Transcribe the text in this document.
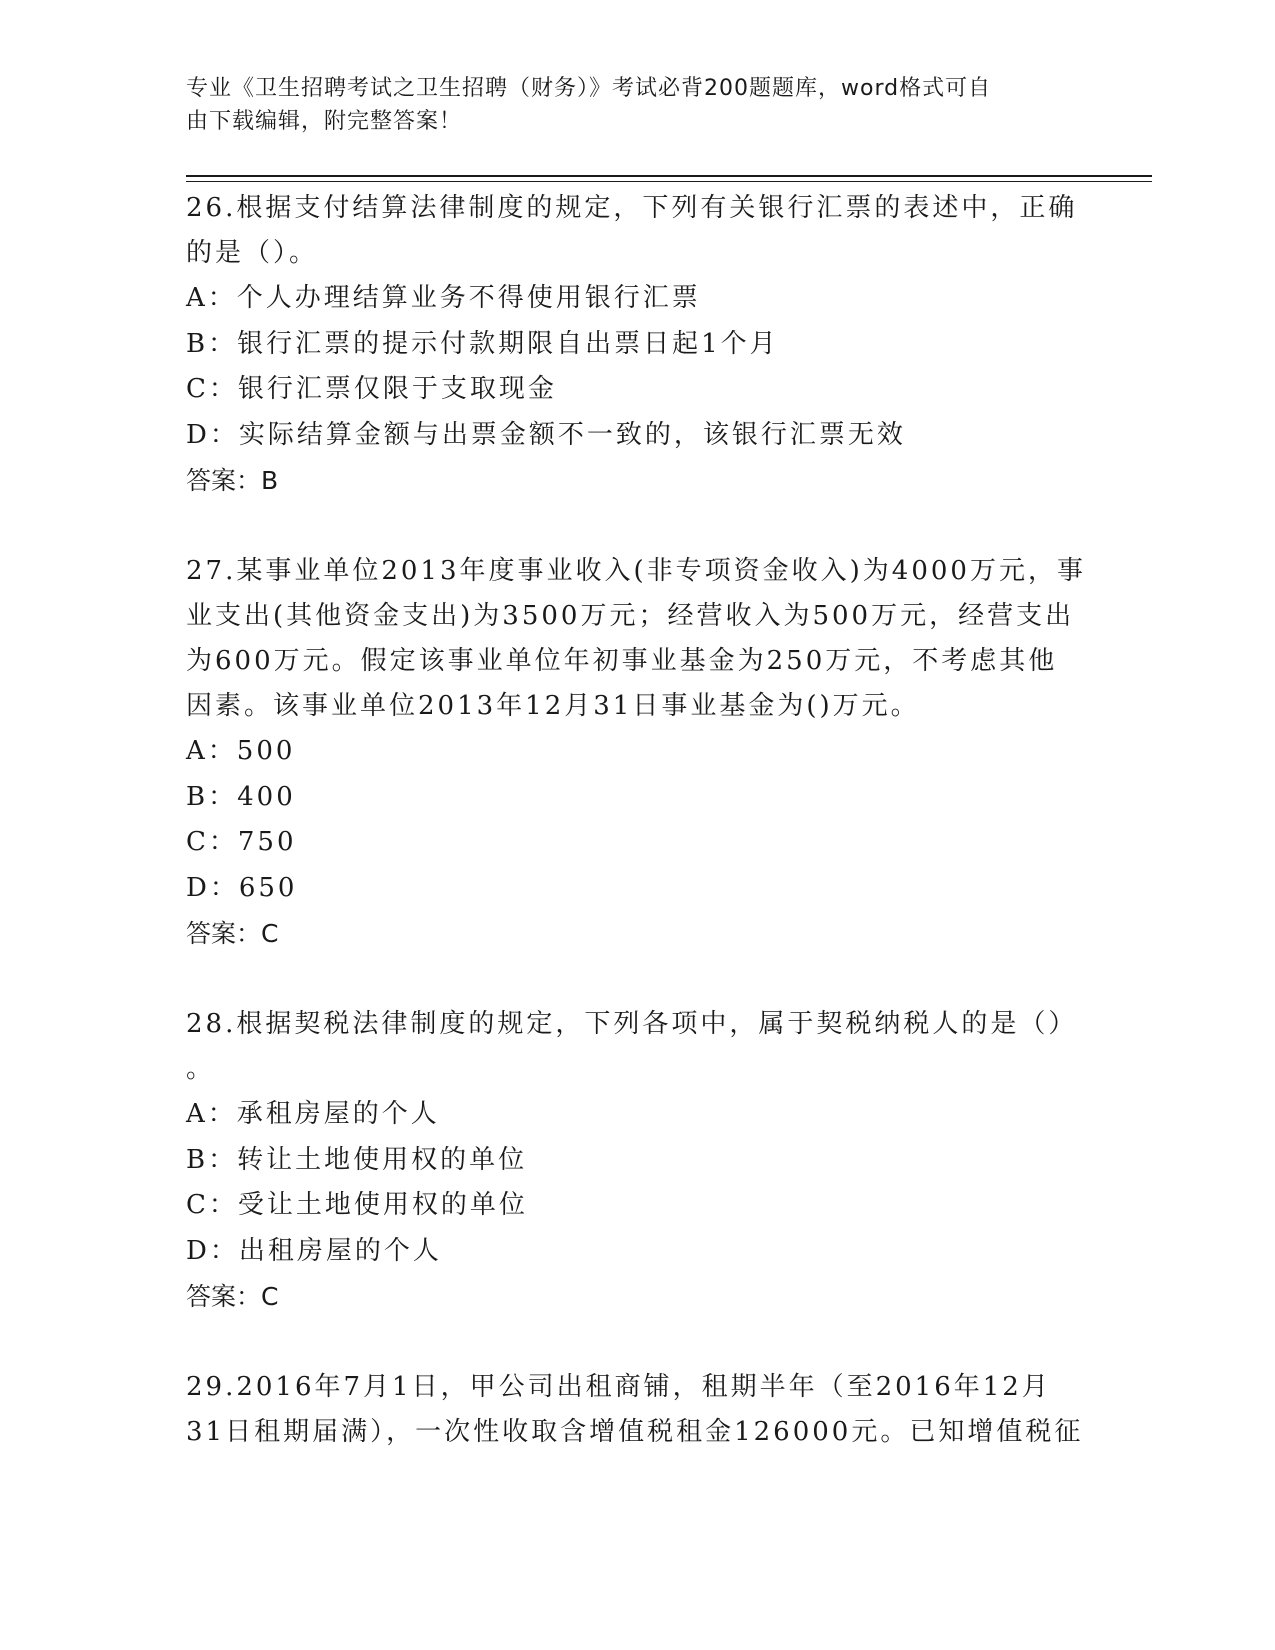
专业《卫生招聘考试之卫生招聘（财务）》考试必背200题题库，word格式可自
由下载编辑，附完整答案！

26.根据支付结算法律制度的规定，下列有关银行汇票的表述中，正确

的是（）。

A：个人办理结算业务不得使用银行汇票

B：银行汇票的提示付款期限自出票日起1个月

C：银行汇票仅限于支取现金

D：实际结算金额与出票金额不一致的，该银行汇票无效

答案：B

27.某事业单位2013年度事业收入(非专项资金收入)为4000万元，事

业支出(其他资金支出)为3500万元；经营收入为500万元，经营支出

为600万元。假定该事业单位年初事业基金为250万元，不考虑其他

因素。该事业单位2013年12月31日事业基金为()万元。

A：500

B：400

C：750

D：650

答案：C

28.根据契税法律制度的规定，下列各项中，属于契税纳税人的是（）

。

A：承租房屋的个人

B：转让土地使用权的单位

C：受让土地使用权的单位

D：出租房屋的个人

答案：C

29.2016年7月1日，甲公司出租商铺，租期半年（至2016年12月

31日租期届满），一次性收取含增值税租金126000元。已知增值税征
